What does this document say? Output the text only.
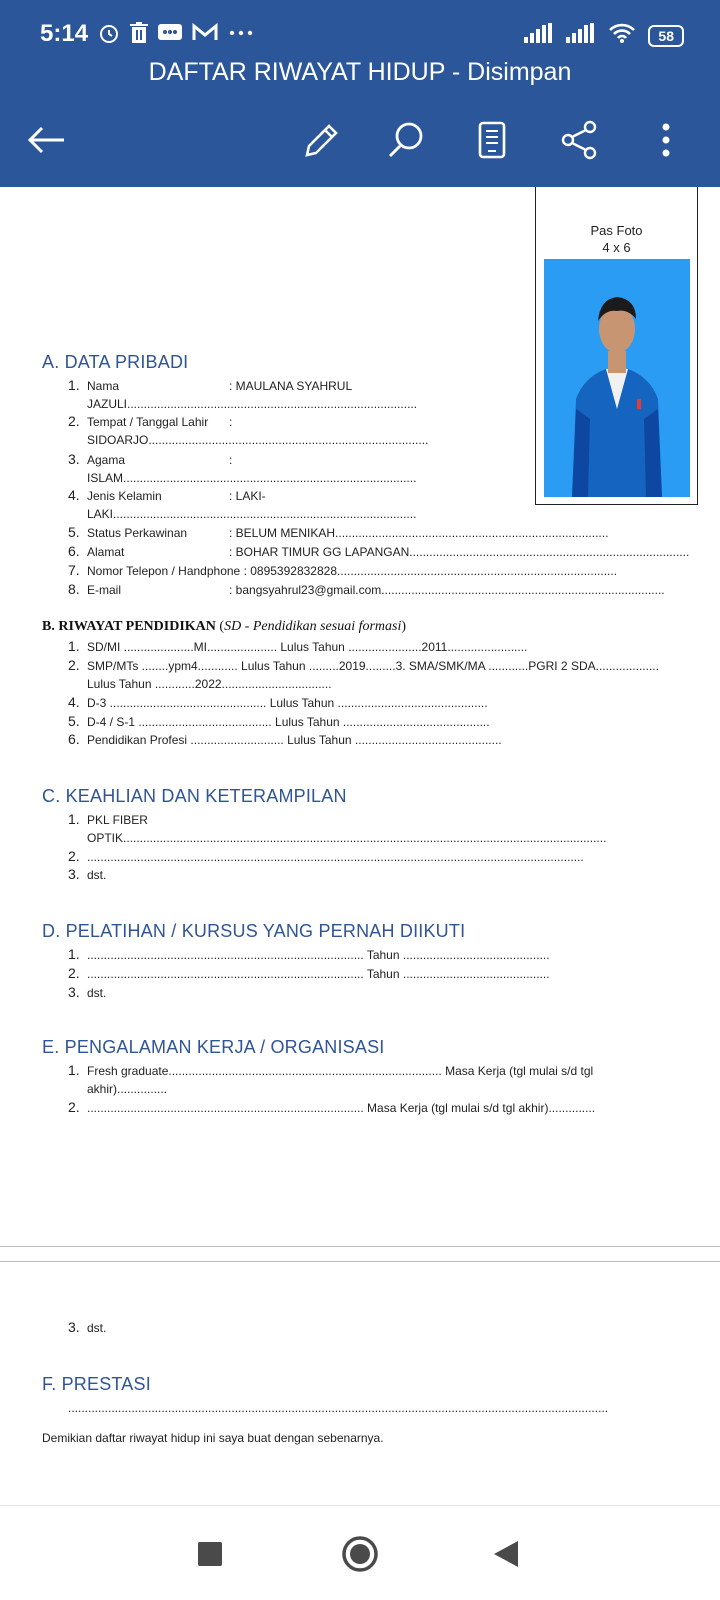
5:14	58
DAFTAR RIWAYAT HIDUP - Disimpan
Pas Foto
4 x 6
A. DATA PRIBADI
1. Nama	: MAULANA SYAHRUL
JAZULI.......................................................................................
2. Tempat / Tanggal Lahir :
SIDOARJO....................................................................................
3. Agama	:
ISLAM........................................................................................
4. Jenis Kelamin	: LAKI-
LAKI...........................................................................................
5. Status Perkawinan	: BELUM MENIKAH..................................................................................
6. Alamat	: BOHAR TIMUR GG LAPANGAN....................................................................................
7. Nomor Telepon / Handphone : 0895392832828....................................................................................
8. E-mail	: bangsyahrul23@gmail.com.....................................................................................
B. RIWAYAT PENDIDIKAN (SD - Pendidikan sesuai formasi)
1. SD/MI .....................MI..................... Lulus Tahun ......................2011........................
2. SMP/MTs ........ypm4............ Lulus Tahun .........2019.........3. SMA/SMK/MA ............PGRI 2 SDA...................
Lulus Tahun ............2022.................................
4. D-3 ............................................... Lulus Tahun .............................................
5. D-4 / S-1 ........................................ Lulus Tahun ............................................
6. Pendidikan Profesi ............................ Lulus Tahun ............................................
C. KEAHLIAN DAN KETERAMPILAN
1. PKL FIBER
OPTIK.................................................................................................................................................
2. .....................................................................................................................................................
3. dst.
D. PELATIHAN / KURSUS YANG PERNAH DIIKUTI
1. ................................................................................... Tahun ............................................
2. ................................................................................... Tahun ............................................
3. dst.
E. PENGALAMAN KERJA / ORGANISASI
1. Fresh graduate.................................................................................. Masa Kerja (tgl mulai s/d tgl
akhir)...............
2. ................................................................................... Masa Kerja (tgl mulai s/d tgl akhir)..............
3. dst.
F. PRESTASI
..................................................................................................................................................................
Demikian daftar riwayat hidup ini saya buat dengan sebenarnya.
